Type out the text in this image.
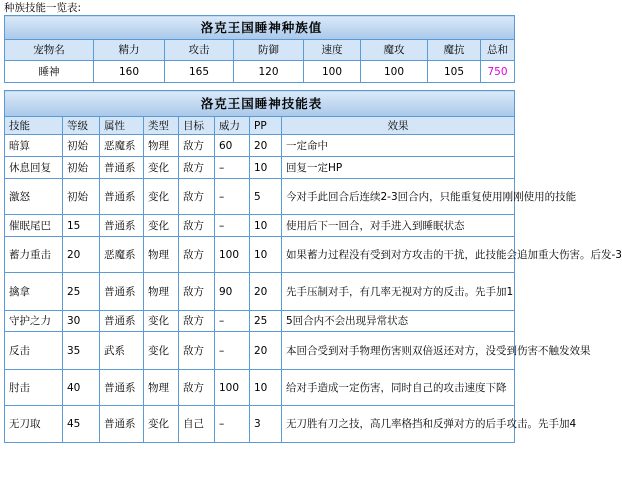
种族技能一览表:
洛克王国睡神种族值							
宠物名	精力	攻击	防御	速度	魔攻	魔抗	总和
睡神	160	165	120	100	100	105	750
洛克王国睡神技能表							
技能	等级	属性	类型	目标	威力	PP	效果
暗算	初始	恶魔系	物理	敌方	60	20	一定命中
休息回复	初始	普通系	变化	敌方	–	10	回复一定HP
激怒	初始	普通系	变化	敌方	–	5	今对手此回合后连续2-3回合内，只能重复使用刚刚使用的技能
催眠尾巴	15	普通系	变化	敌方	–	10	使用后下一回合，对手进入到睡眠状态
蓄力重击	20	恶魔系	物理	敌方	100	10	如果蓄力过程没有受到对方攻击的干扰，此技能会追加重大伤害。后发-3
擒拿	25	普通系	物理	敌方	90	20	先手压制对手，有几率无视对方的反击。先手加1
守护之力	30	普通系	变化	敌方	–	25	5回合内不会出现异常状态
反击	35	武系	变化	敌方	–	20	本回合受到对手物理伤害则双倍返还对方，没受到伤害不触发效果
肘击	40	普通系	物理	敌方	100	10	给对手造成一定伤害，同时自己的攻击速度下降
无刀取	45	普通系	变化	自己	–	3	无刀胜有刀之技，高几率格挡和反弹对方的后手攻击。先手加4
